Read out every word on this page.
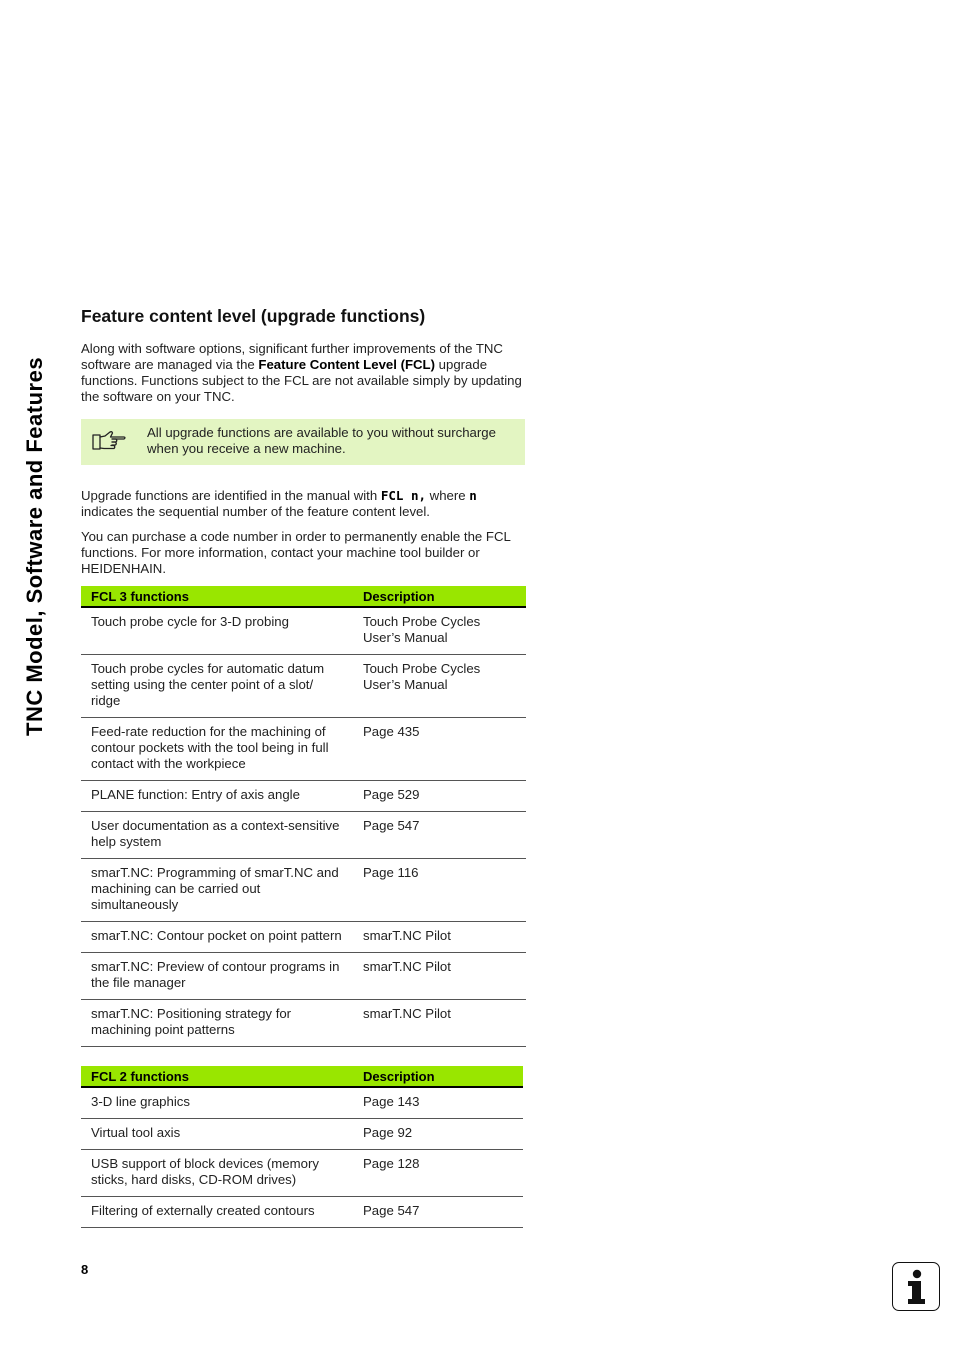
TNC Model, Software and Features
Feature content level (upgrade functions)

Along with software options, significant further improvements of the TNC software are managed via the Feature Content Level (FCL) upgrade functions. Functions subject to the FCL are not available simply by updating the software on your TNC.

All upgrade functions are available to you without surcharge when you receive a new machine.

Upgrade functions are identified in the manual with FCL n, where n indicates the sequential number of the feature content level.

You can purchase a code number in order to permanently enable the FCL functions. For more information, contact your machine tool builder or HEIDENHAIN.

FCL 3 functions	Description
Touch probe cycle for 3-D probing	Touch Probe Cycles User’s Manual
Touch probe cycles for automatic datum setting using the center point of a slot/ ridge	Touch Probe Cycles User’s Manual
Feed-rate reduction for the machining of contour pockets with the tool being in full contact with the workpiece	Page 435
PLANE function: Entry of axis angle	Page 529
User documentation as a context-sensitive help system	Page 547
smarT.NC: Programming of smarT.NC and machining can be carried out simultaneously	Page 116
smarT.NC: Contour pocket on point pattern	smarT.NC Pilot
smarT.NC: Preview of contour programs in the file manager	smarT.NC Pilot
smarT.NC: Positioning strategy for machining point patterns	smarT.NC Pilot
FCL 2 functions	Description
3-D line graphics	Page 143
Virtual tool axis	Page 92
USB support of block devices (memory sticks, hard disks, CD-ROM drives)	Page 128
Filtering of externally created contours	Page 547
8
